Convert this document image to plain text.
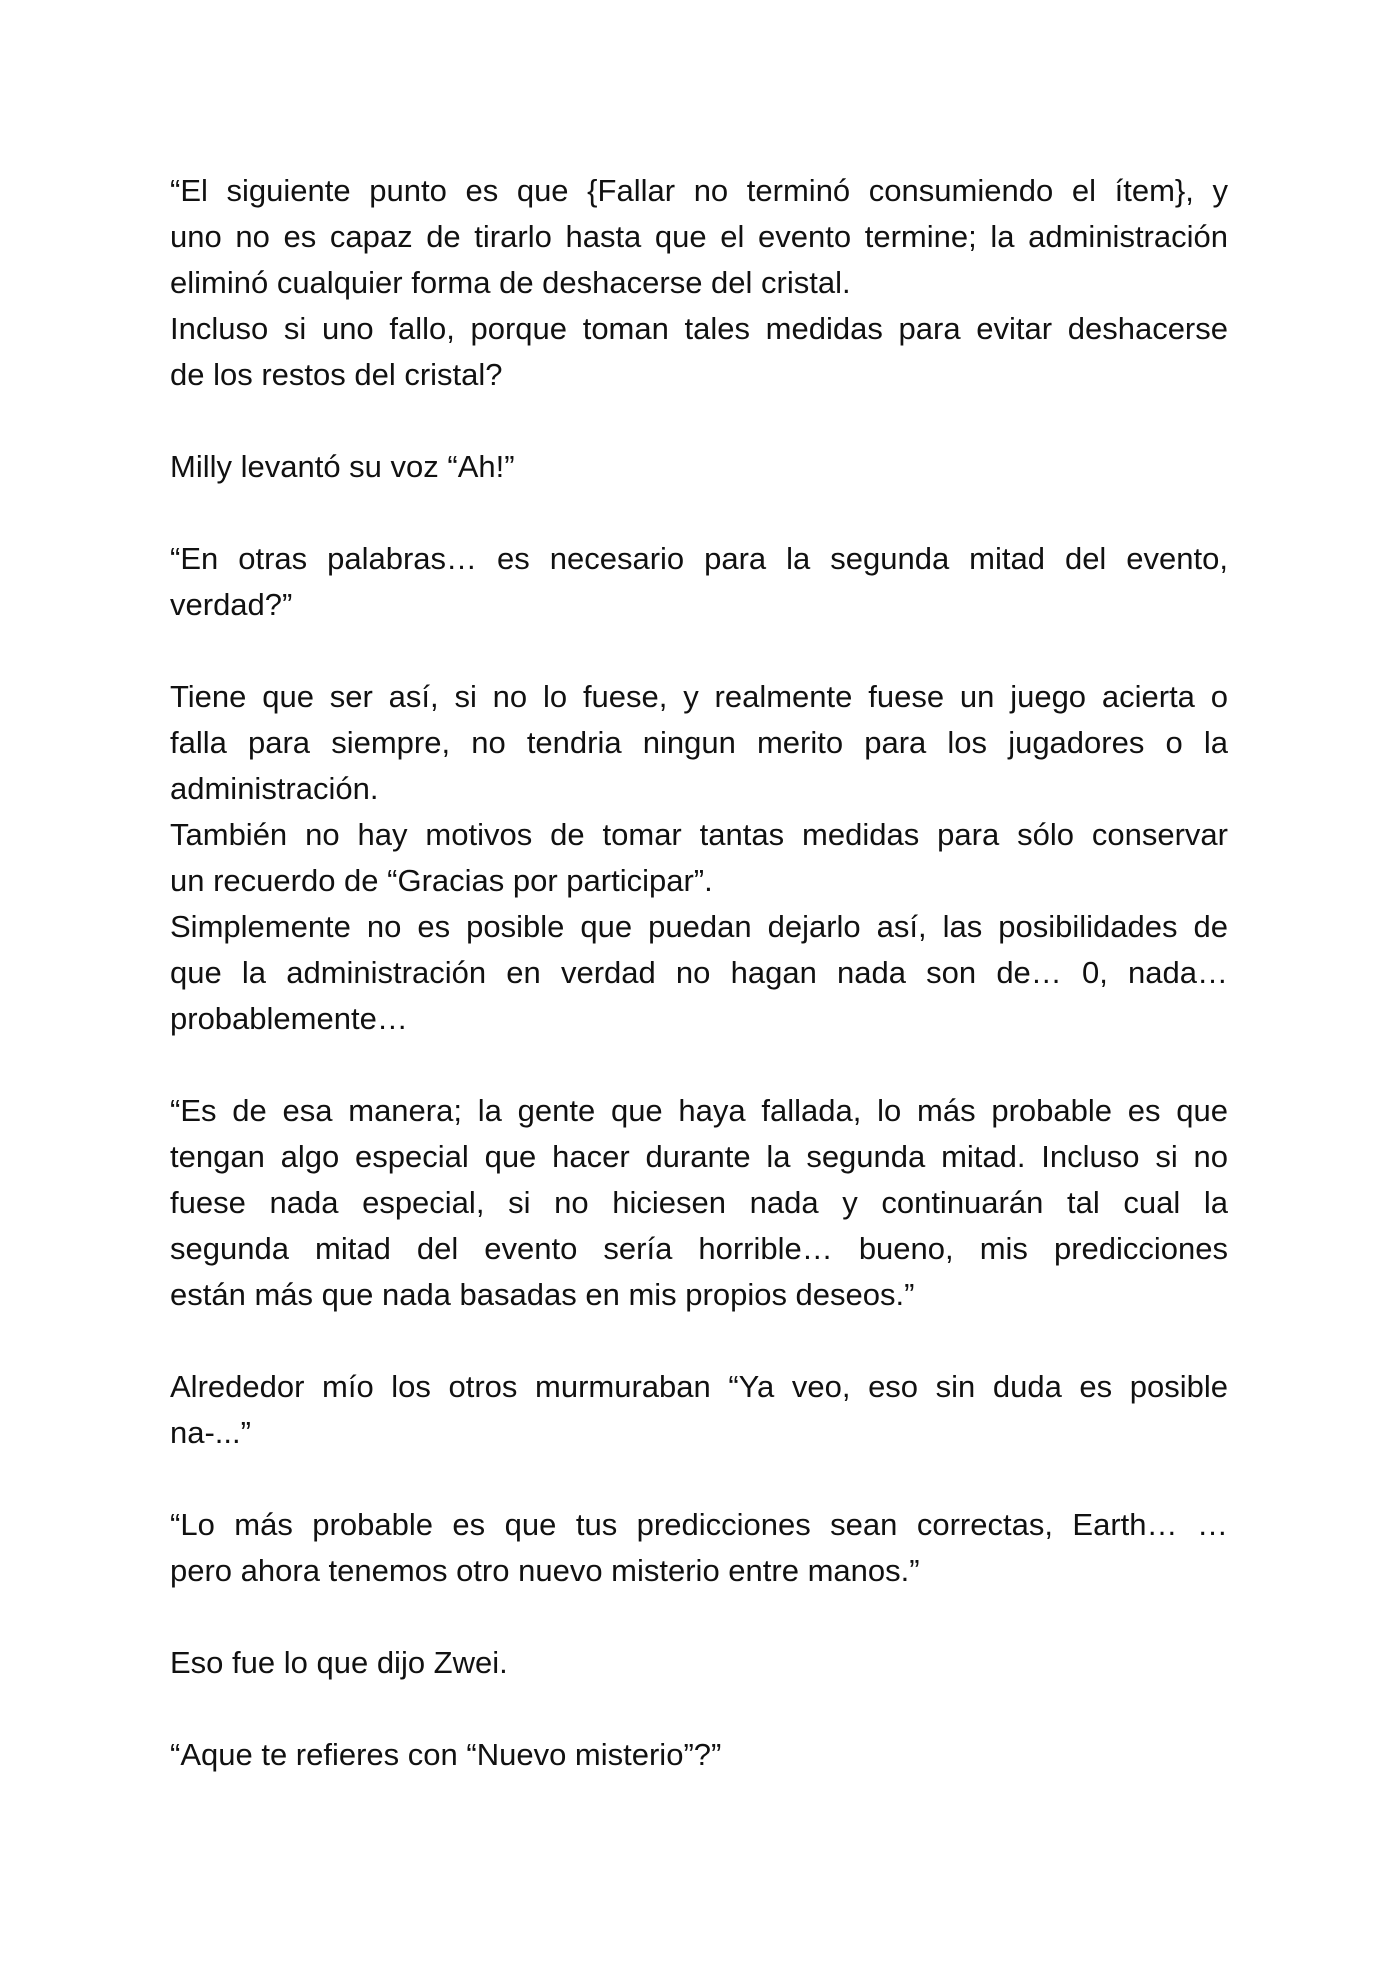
“El siguiente punto es que {Fallar no terminó consumiendo el ítem}, y
uno no es capaz de tirarlo hasta que el evento termine; la administración
eliminó cualquier forma de deshacerse del cristal.
Incluso si uno fallo, porque toman tales medidas para evitar deshacerse
de los restos del cristal?
Milly levantó su voz “Ah!”
“En otras palabras… es necesario para la segunda mitad del evento,
verdad?”
Tiene que ser así, si no lo fuese, y realmente fuese un juego acierta o
falla para siempre, no tendria ningun merito para los jugadores o la
administración.
También no hay motivos de tomar tantas medidas para sólo conservar
un recuerdo de “Gracias por participar”.
Simplemente no es posible que puedan dejarlo así, las posibilidades de
que la administración en verdad no hagan nada son de… 0, nada…
probablemente…
“Es de esa manera; la gente que haya fallada, lo más probable es que
tengan algo especial que hacer durante la segunda mitad. Incluso si no
fuese nada especial, si no hiciesen nada y continuarán tal cual la
segunda mitad del evento sería horrible… bueno, mis predicciones
están más que nada basadas en mis propios deseos.”
Alrededor mío los otros murmuraban “Ya veo, eso sin duda es posible
na-...”
“Lo más probable es que tus predicciones sean correctas, Earth… …
pero ahora tenemos otro nuevo misterio entre manos.”
Eso fue lo que dijo Zwei.
“Aque te refieres con “Nuevo misterio”?”
